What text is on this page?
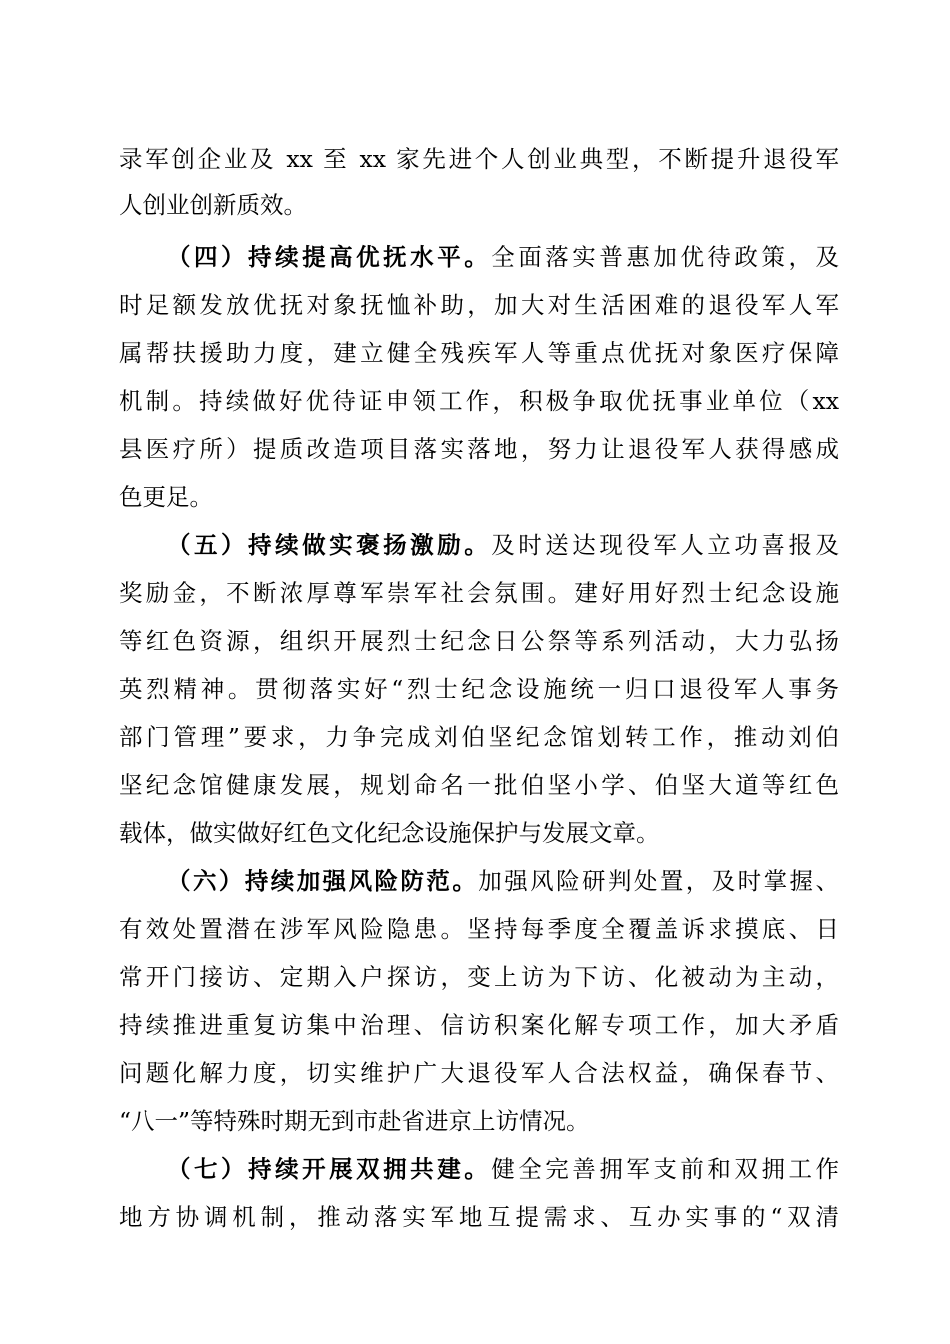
录军创企业及 xx 至 xx 家先进个人创业典型，不断提升退役军
人创业创新质效。
（四）持续提高优抚水平。全面落实普惠加优待政策，及
时足额发放优抚对象抚恤补助，加大对生活困难的退役军人军
属帮扶援助力度，建立健全残疾军人等重点优抚对象医疗保障
机制。持续做好优待证申领工作，积极争取优抚事业单位（xx
县医疗所）提质改造项目落实落地，努力让退役军人获得感成
色更足。
（五）持续做实褒扬激励。及时送达现役军人立功喜报及
奖励金，不断浓厚尊军崇军社会氛围。建好用好烈士纪念设施
等红色资源，组织开展烈士纪念日公祭等系列活动，大力弘扬
英烈精神。贯彻落实好“烈士纪念设施统一归口退役军人事务
部门管理”要求，力争完成刘伯坚纪念馆划转工作，推动刘伯
坚纪念馆健康发展，规划命名一批伯坚小学、伯坚大道等红色
载体，做实做好红色文化纪念设施保护与发展文章。
（六）持续加强风险防范。加强风险研判处置，及时掌握、
有效处置潜在涉军风险隐患。坚持每季度全覆盖诉求摸底、日
常开门接访、定期入户探访，变上访为下访、化被动为主动，
持续推进重复访集中治理、信访积案化解专项工作，加大矛盾
问题化解力度，切实维护广大退役军人合法权益，确保春节、
“八一”等特殊时期无到市赴省进京上访情况。
（七）持续开展双拥共建。健全完善拥军支前和双拥工作
地方协调机制，推动落实军地互提需求、互办实事的“双清
